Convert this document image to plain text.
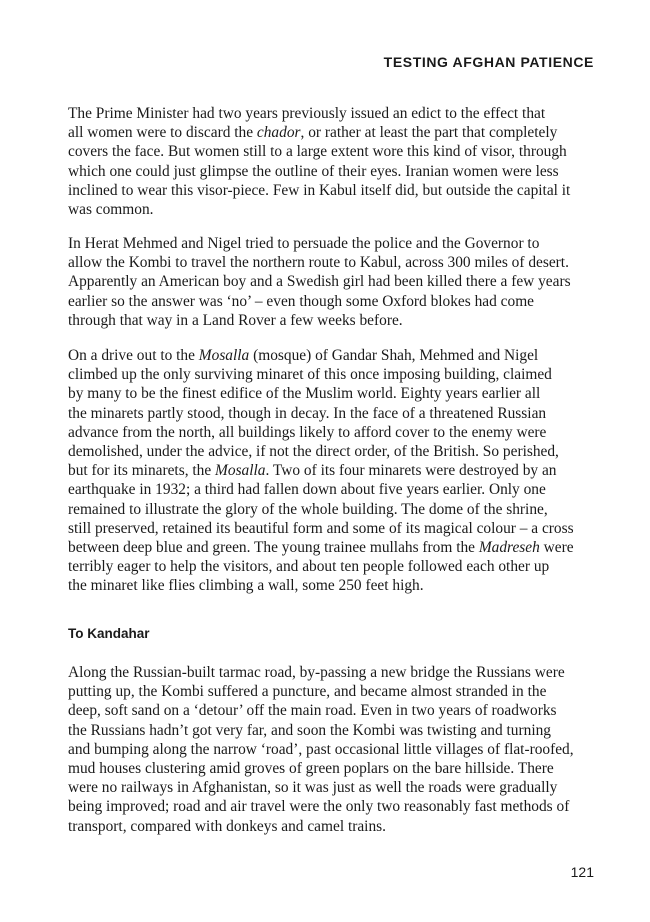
TESTING AFGHAN PATIENCE
The Prime Minister had two years previously issued an edict to the effect that
all women were to discard the chador, or rather at least the part that completely
covers the face. But women still to a large extent wore this kind of visor, through
which one could just glimpse the outline of their eyes. Iranian women were less
inclined to wear this visor-piece. Few in Kabul itself did, but outside the capital it
was common.
In Herat Mehmed and Nigel tried to persuade the police and the Governor to
allow the Kombi to travel the northern route to Kabul, across 300 miles of desert.
Apparently an American boy and a Swedish girl had been killed there a few years
earlier so the answer was ‘no’ – even though some Oxford blokes had come
through that way in a Land Rover a few weeks before.
On a drive out to the Mosalla (mosque) of Gandar Shah, Mehmed and Nigel
climbed up the only surviving minaret of this once imposing building, claimed
by many to be the finest edifice of the Muslim world. Eighty years earlier all
the minarets partly stood, though in decay. In the face of a threatened Russian
advance from the north, all buildings likely to afford cover to the enemy were
demolished, under the advice, if not the direct order, of the British. So perished,
but for its minarets, the Mosalla. Two of its four minarets were destroyed by an
earthquake in 1932; a third had fallen down about five years earlier. Only one
remained to illustrate the glory of the whole building. The dome of the shrine,
still preserved, retained its beautiful form and some of its magical colour – a cross
between deep blue and green. The young trainee mullahs from the Madreseh were
terribly eager to help the visitors, and about ten people followed each other up
the minaret like flies climbing a wall, some 250 feet high.
To Kandahar
Along the Russian-built tarmac road, by-passing a new bridge the Russians were
putting up, the Kombi suffered a puncture, and became almost stranded in the
deep, soft sand on a ‘detour’ off the main road. Even in two years of roadworks
the Russians hadn’t got very far, and soon the Kombi was twisting and turning
and bumping along the narrow ‘road’, past occasional little villages of flat-roofed,
mud houses clustering amid groves of green poplars on the bare hillside. There
were no railways in Afghanistan, so it was just as well the roads were gradually
being improved; road and air travel were the only two reasonably fast methods of
transport, compared with donkeys and camel trains.
121
